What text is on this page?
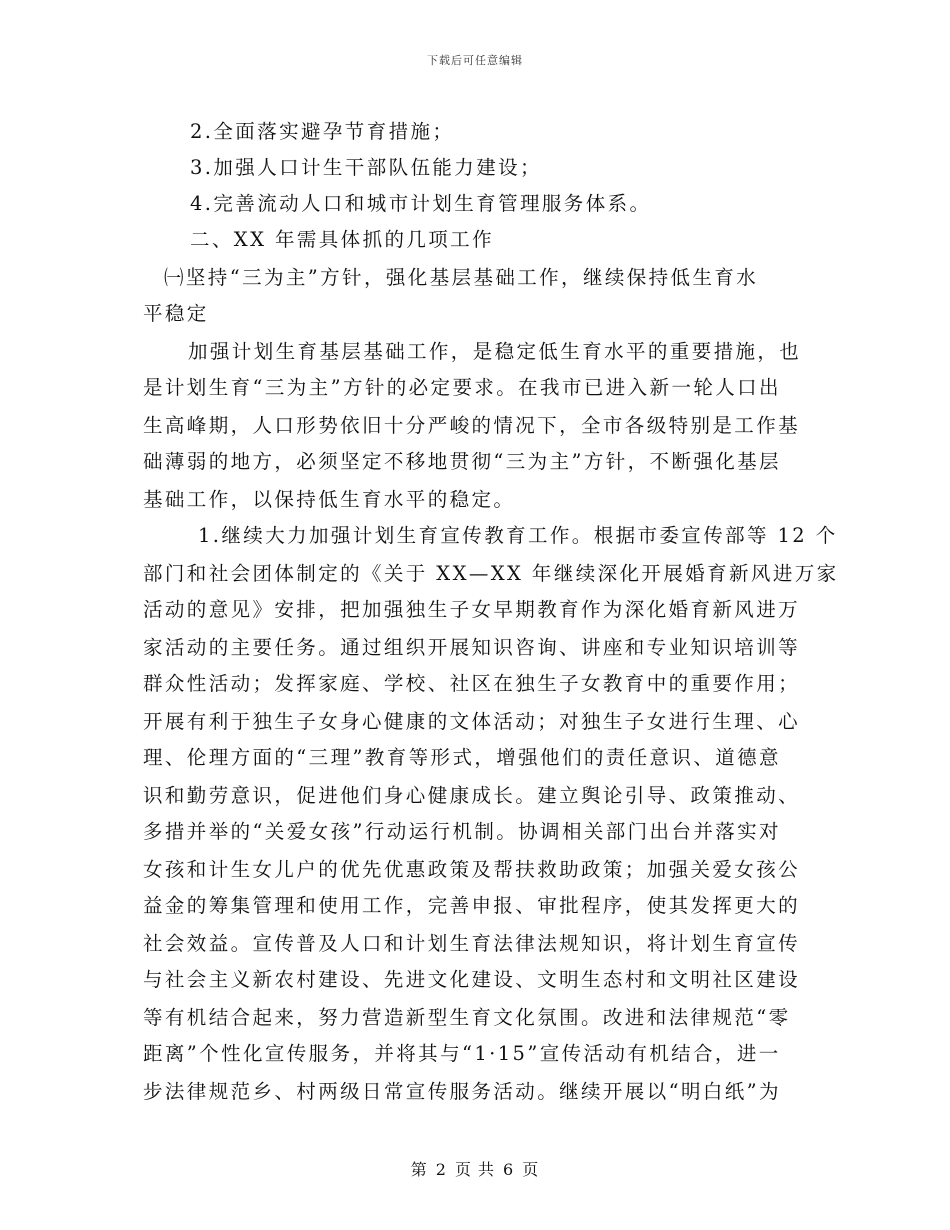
下载后可任意编辑
2.全面落实避孕节育措施；
3.加强人口计生干部队伍能力建设；
4.完善流动人口和城市计划生育管理服务体系。
二、XX 年需具体抓的几项工作
㈠坚持“三为主”方针，强化基层基础工作，继续保持低生育水
平稳定
加强计划生育基层基础工作，是稳定低生育水平的重要措施，也
是计划生育“三为主”方针的必定要求。在我市已进入新一轮人口出
生高峰期，人口形势依旧十分严峻的情况下，全市各级特别是工作基
础薄弱的地方，必须坚定不移地贯彻“三为主”方针，不断强化基层
基础工作，以保持低生育水平的稳定。
1.继续大力加强计划生育宣传教育工作。根据市委宣传部等 12 个
部门和社会团体制定的《关于 XX—XX 年继续深化开展婚育新风进万家
活动的意见》安排，把加强独生子女早期教育作为深化婚育新风进万
家活动的主要任务。通过组织开展知识咨询、讲座和专业知识培训等
群众性活动；发挥家庭、学校、社区在独生子女教育中的重要作用；
开展有利于独生子女身心健康的文体活动；对独生子女进行生理、心
理、伦理方面的“三理”教育等形式，增强他们的责任意识、道德意
识和勤劳意识，促进他们身心健康成长。建立舆论引导、政策推动、
多措并举的“关爱女孩”行动运行机制。协调相关部门出台并落实对
女孩和计生女儿户的优先优惠政策及帮扶救助政策；加强关爱女孩公
益金的筹集管理和使用工作，完善申报、审批程序，使其发挥更大的
社会效益。宣传普及人口和计划生育法律法规知识，将计划生育宣传
与社会主义新农村建设、先进文化建设、文明生态村和文明社区建设
等有机结合起来，努力营造新型生育文化氛围。改进和法律规范“零
距离”个性化宣传服务，并将其与“1·15”宣传活动有机结合，进一
步法律规范乡、村两级日常宣传服务活动。继续开展以“明白纸”为
第 2 页 共 6 页
